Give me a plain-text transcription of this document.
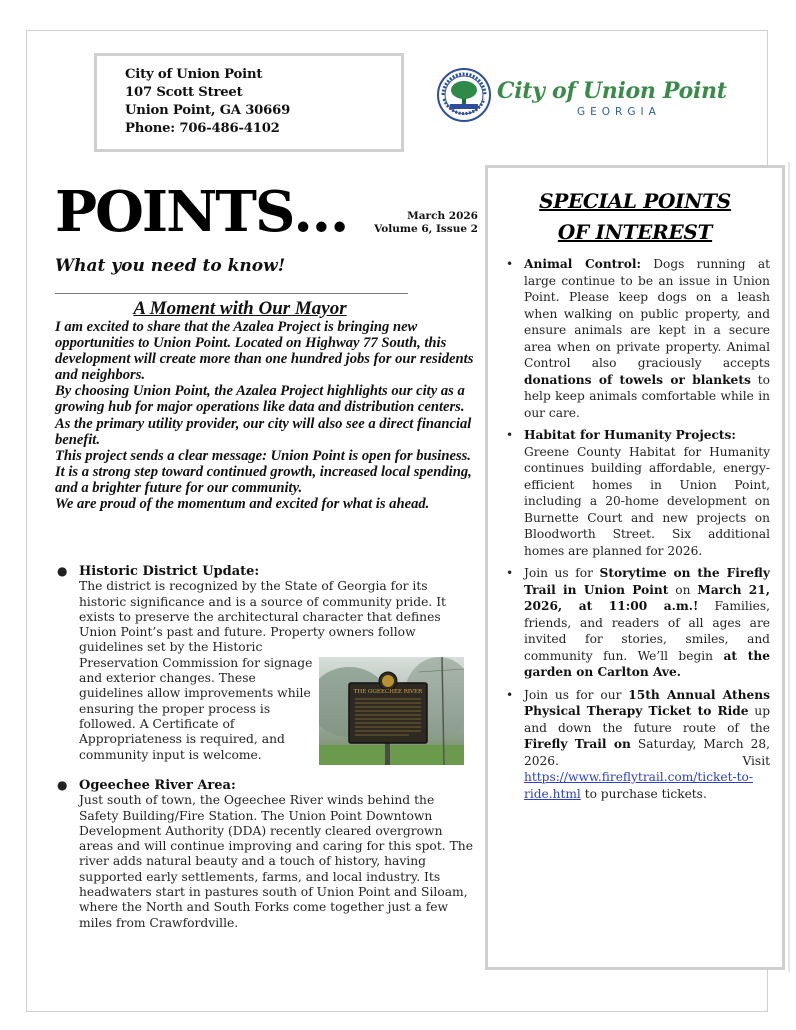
City of Union Point
107 Scott Street
Union Point, GA 30669
Phone: 706-486-4102
City of Union Point
GEORGIA
POINTS…	March 2026
Volume 6, Issue 2
What you need to know!
A Moment with Our Mayor

I am excited to share that the Azalea Project is bringing new opportunities to Union Point. Located on Highway 77 South, this development will create more than one hundred jobs for our residents and neighbors.

By choosing Union Point, the Azalea Project highlights our city as a growing hub for major operations like data and distribution centers. As the primary utility provider, our city will also see a direct financial benefit.

This project sends a clear message: Union Point is open for business. It is a strong step toward continued growth, increased local spending, and a brighter future for our community.

We are proud of the momentum and excited for what is ahead.

● Historic District Update:

The district is recognized by the State of Georgia for its historic significance and is a source of community pride. It exists to preserve the architectural character that defines Union Point’s past and future. Property owners follow

guidelines set by the Historic Preservation Commission for signage and exterior changes. These guidelines allow improvements while ensuring the proper process is followed. A Certificate of Appropriateness is required, and community input is welcome.

● Ogeechee River Area:

Just south of town, the Ogeechee River winds behind the Safety Building/Fire Station. The Union Point Downtown Development Authority (DDA) recently cleared overgrown areas and will continue improving and caring for this spot. The river adds natural beauty and a touch of history, having supported early settlements, farms, and local industry. Its headwaters start in pastures south of Union Point and Siloam, where the North and South Forks come together just a few miles from Crawfordville.

THE OGEECHEE RIVER
SPECIAL POINTS
OF INTEREST
• Animal Control: Dogs running at large continue to be an issue in Union Point. Please keep dogs on a leash when walking on public property, and ensure animals are kept in a secure area when on private property. Animal Control also graciously accepts donations of towels or blankets to help keep animals comfortable while in our care.
• Habitat for Humanity Projects:
Greene County Habitat for Humanity continues building affordable, energy-efficient homes in Union Point, including a 20-home development on Burnette Court and new projects on Bloodworth Street. Six additional homes are planned for 2026.
• Join us for Storytime on the Firefly Trail in Union Point on March 21, 2026, at 11:00 a.m.! Families, friends, and readers of all ages are invited for stories, smiles, and community fun. We’ll begin at the garden on Carlton Ave.
• Join us for our 15th Annual Athens Physical Therapy Ticket to Ride up and down the future route of the Firefly Trail on Saturday, March 28, 2026. Visit https://www.fireflytrail.com/ticket-to-ride.html to purchase tickets.
